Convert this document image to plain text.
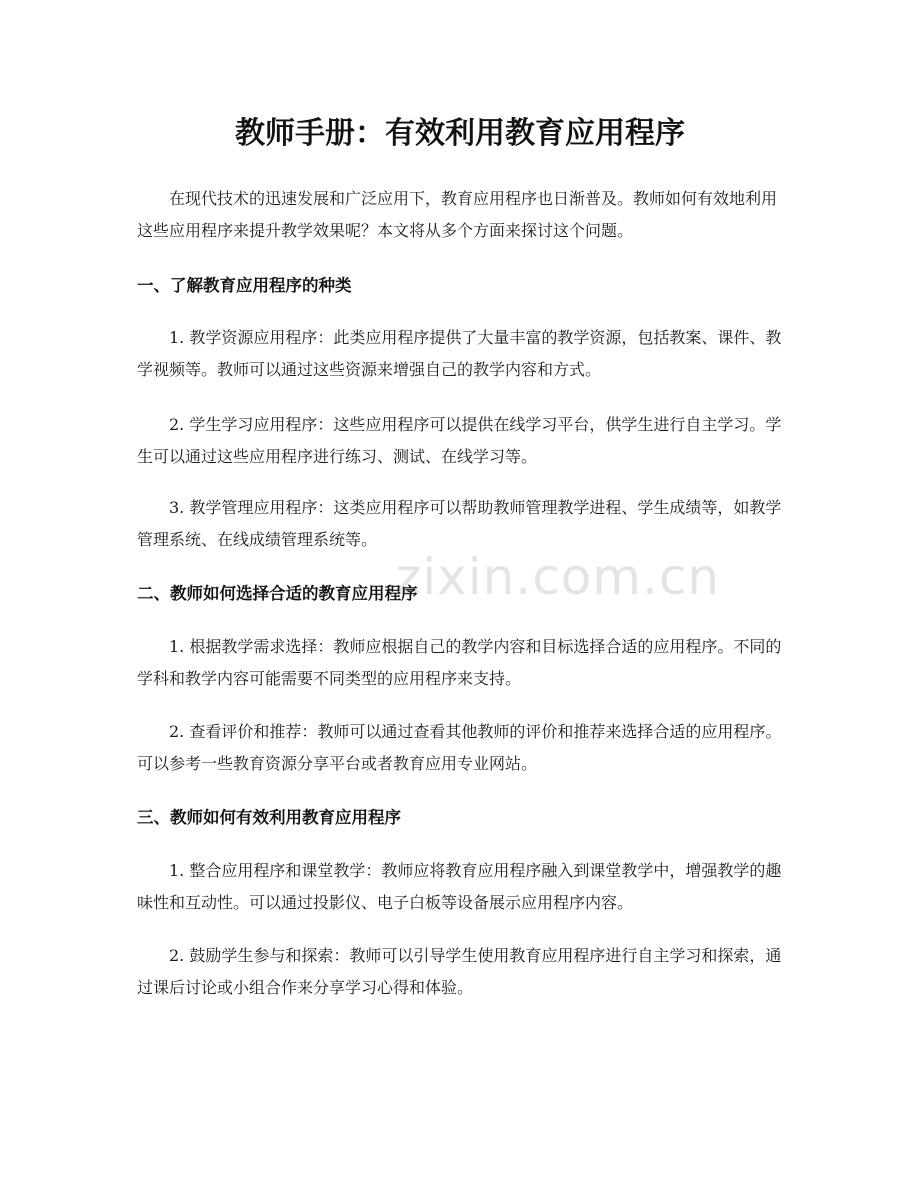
zixin.com.cn
教师手册：有效利用教育应用程序

在现代技术的迅速发展和广泛应用下，教育应用程序也日渐普及。教师如何有效地利用这些应用程序来提升教学效果呢？本文将从多个方面来探讨这个问题。

一、了解教育应用程序的种类

1. 教学资源应用程序：此类应用程序提供了大量丰富的教学资源，包括教案、课件、教学视频等。教师可以通过这些资源来增强自己的教学内容和方式。

2. 学生学习应用程序：这些应用程序可以提供在线学习平台，供学生进行自主学习。学生可以通过这些应用程序进行练习、测试、在线学习等。

3. 教学管理应用程序：这类应用程序可以帮助教师管理教学进程、学生成绩等，如教学管理系统、在线成绩管理系统等。

二、教师如何选择合适的教育应用程序

1. 根据教学需求选择：教师应根据自己的教学内容和目标选择合适的应用程序。不同的学科和教学内容可能需要不同类型的应用程序来支持。

2. 查看评价和推荐：教师可以通过查看其他教师的评价和推荐来选择合适的应用程序。可以参考一些教育资源分享平台或者教育应用专业网站。

三、教师如何有效利用教育应用程序

1. 整合应用程序和课堂教学：教师应将教育应用程序融入到课堂教学中，增强教学的趣味性和互动性。可以通过投影仪、电子白板等设备展示应用程序内容。

2. 鼓励学生参与和探索：教师可以引导学生使用教育应用程序进行自主学习和探索，通过课后讨论或小组合作来分享学习心得和体验。
